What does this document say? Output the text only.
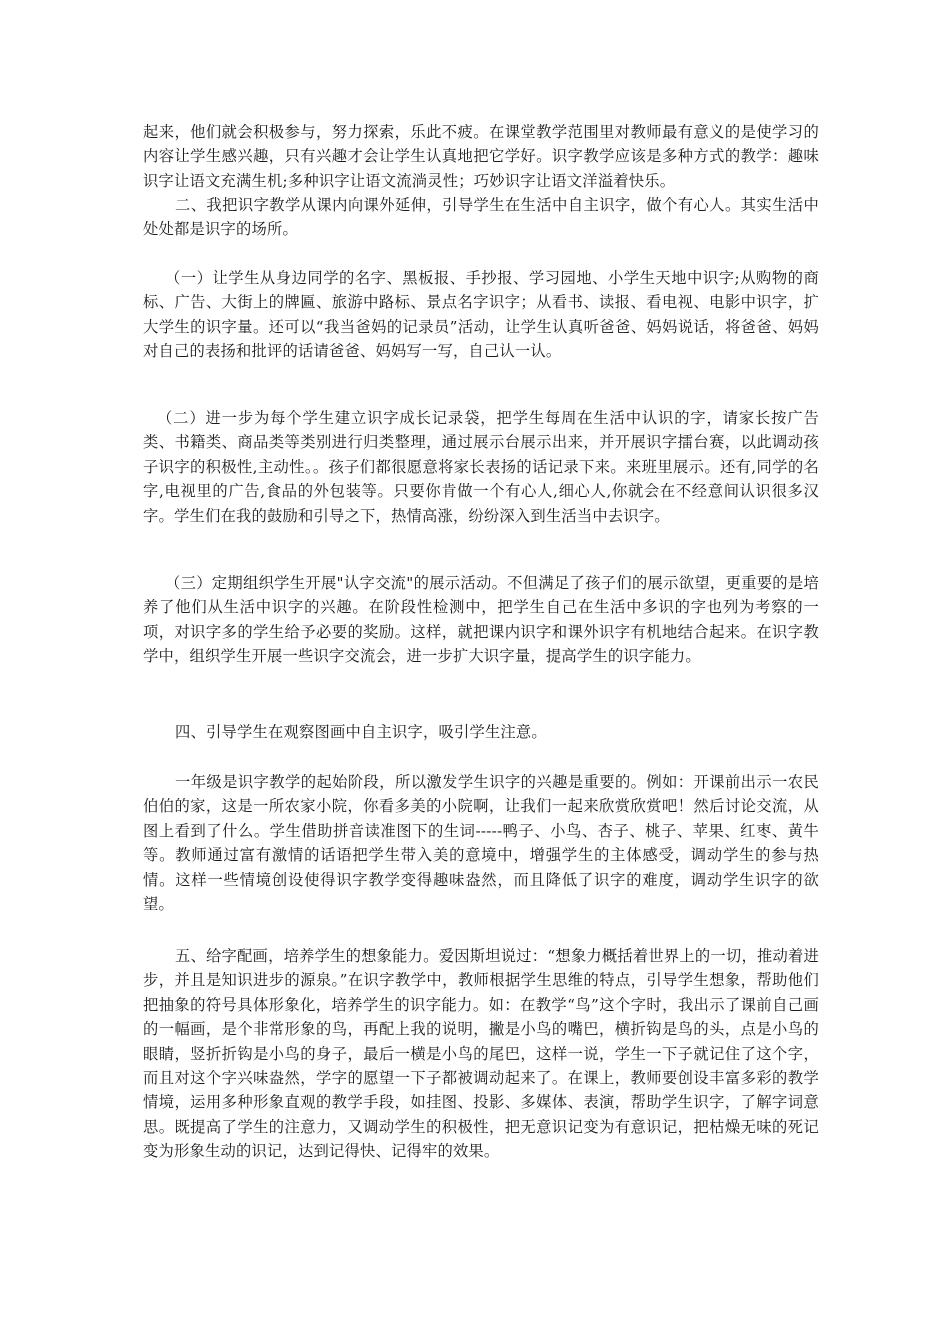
起来，他们就会积极参与，努力探索，乐此不疲。在课堂教学范围里对教师最有意义的是使学习的内容让学生感兴趣，只有兴趣才会让学生认真地把它学好。识字教学应该是多种方式的教学：趣味识字让语文充满生机;多种识字让语文流淌灵性；巧妙识字让语文洋溢着快乐。

二、我把识字教学从课内向课外延伸，引导学生在生活中自主识字，做个有心人。其实生活中处处都是识字的场所。

（一）让学生从身边同学的名字、黑板报、手抄报、学习园地、小学生天地中识字;从购物的商标、广告、大街上的牌匾、旅游中路标、景点名字识字；从看书、读报、看电视、电影中识字，扩大学生的识字量。还可以“我当爸妈的记录员”活动，让学生认真听爸爸、妈妈说话，将爸爸、妈妈对自己的表扬和批评的话请爸爸、妈妈写一写，自己认一认。

（二）进一步为每个学生建立识字成长记录袋，把学生每周在生活中认识的字，请家长按广告类、书籍类、商品类等类别进行归类整理，通过展示台展示出来，并开展识字擂台赛，以此调动孩子识字的积极性,主动性。。孩子们都很愿意将家长表扬的话记录下来。来班里展示。还有,同学的名字,电视里的广告,食品的外包装等。只要你肯做一个有心人,细心人,你就会在不经意间认识很多汉字。学生们在我的鼓励和引导之下，热情高涨，纷纷深入到生活当中去识字。

（三）定期组织学生开展"认字交流"的展示活动。不但满足了孩子们的展示欲望，更重要的是培养了他们从生活中识字的兴趣。在阶段性检测中，把学生自己在生活中多识的字也列为考察的一项，对识字多的学生给予必要的奖励。这样，就把课内识字和课外识字有机地结合起来。在识字教学中，组织学生开展一些识字交流会，进一步扩大识字量，提高学生的识字能力。

四、引导学生在观察图画中自主识字，吸引学生注意。

一年级是识字教学的起始阶段，所以激发学生识字的兴趣是重要的。例如：开课前出示一农民伯伯的家，这是一所农家小院，你看多美的小院啊，让我们一起来欣赏欣赏吧！然后讨论交流，从图上看到了什么。学生借助拼音读准图下的生词-----鸭子、小鸟、杏子、桃子、苹果、红枣、黄牛等。教师通过富有激情的话语把学生带入美的意境中，增强学生的主体感受，调动学生的参与热情。这样一些情境创设使得识字教学变得趣味盎然，而且降低了识字的难度，调动学生识字的欲望。

五、给字配画，培养学生的想象能力。爱因斯坦说过：“想象力概括着世界上的一切，推动着进步，并且是知识进步的源泉。”在识字教学中，教师根据学生思维的特点，引导学生想象，帮助他们把抽象的符号具体形象化，培养学生的识字能力。如：在教学“鸟”这个字时，我出示了课前自己画的一幅画，是个非常形象的鸟，再配上我的说明，撇是小鸟的嘴巴，横折钩是鸟的头，点是小鸟的眼睛，竖折折钩是小鸟的身子，最后一横是小鸟的尾巴，这样一说，学生一下子就记住了这个字，而且对这个字兴味盎然，学字的愿望一下子都被调动起来了。在课上，教师要创设丰富多彩的教学情境，运用多种形象直观的教学手段，如挂图、投影、多媒体、表演，帮助学生识字，了解字词意思。既提高了学生的注意力，又调动学生的积极性，把无意识记变为有意识记，把枯燥无味的死记变为形象生动的识记，达到记得快、记得牢的效果。
